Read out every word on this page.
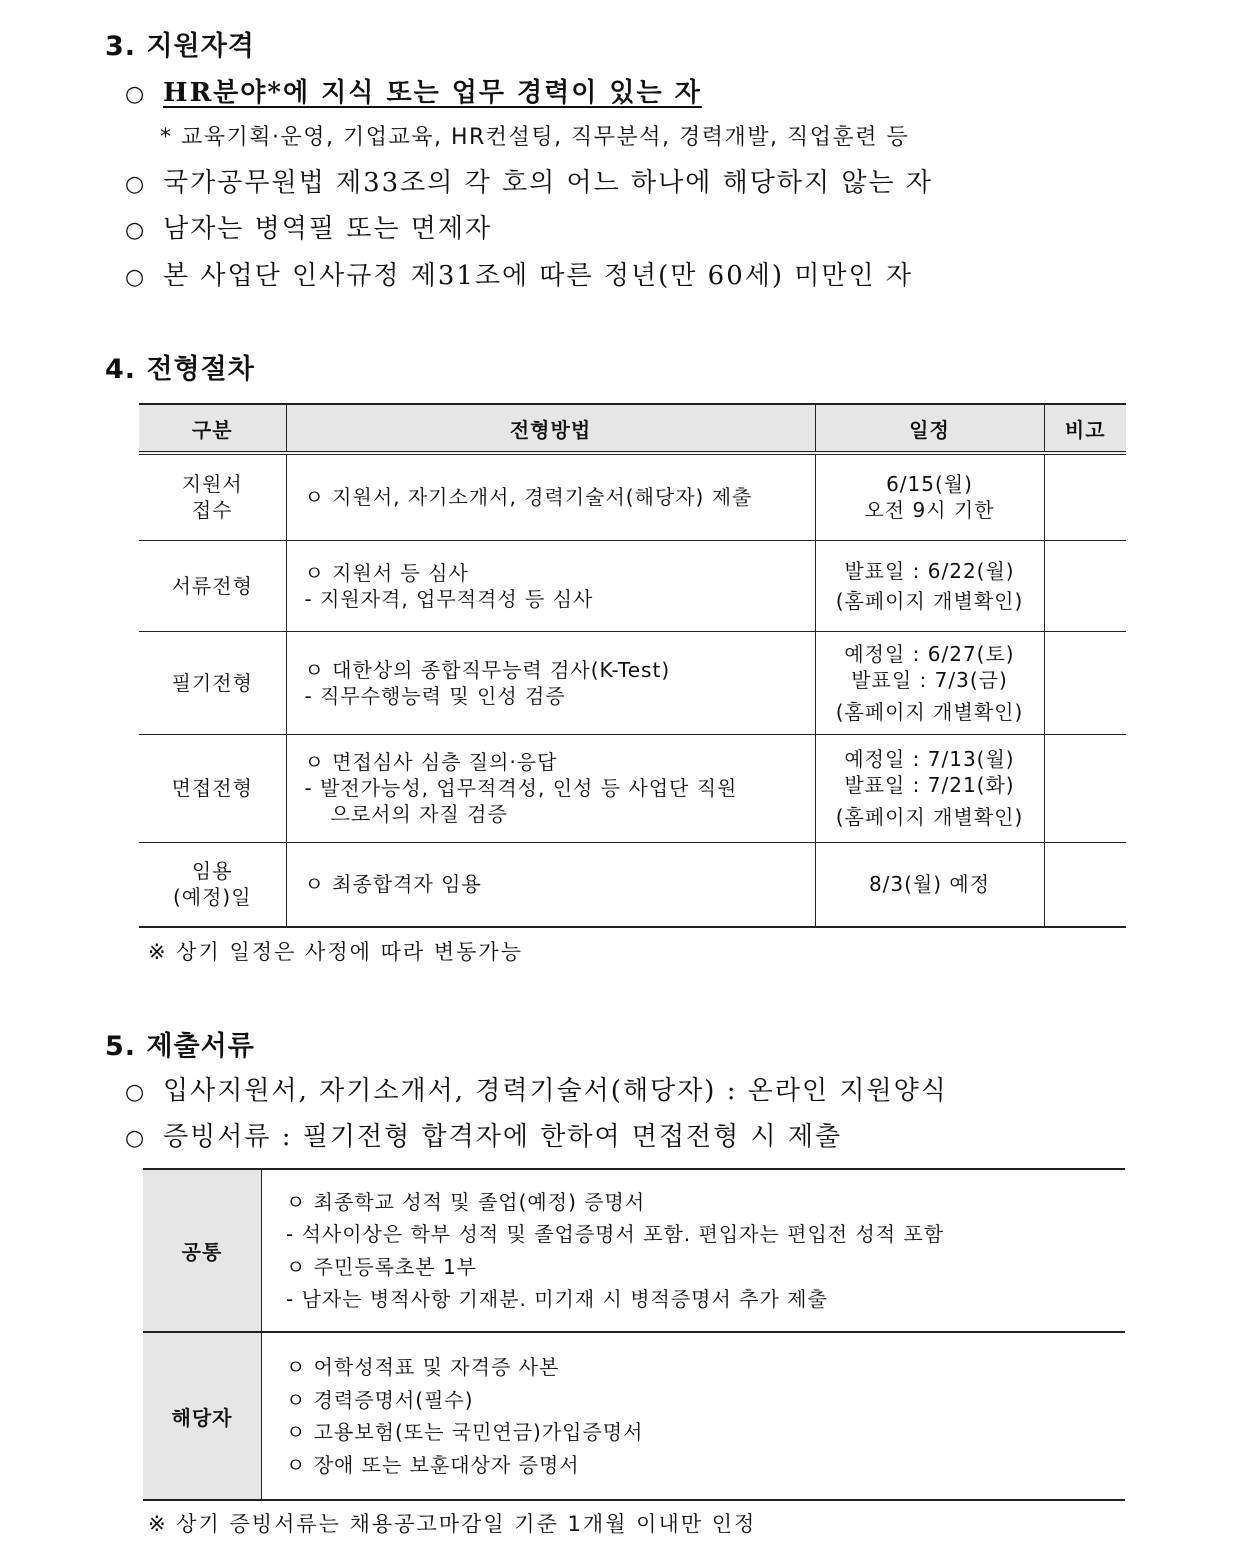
3. 지원자격

○ HR분야*에 지식 또는 업무 경력이 있는 자

* 교육기획·운영, 기업교육, HR컨설팅, 직무분석, 경력개발, 직업훈련 등

○ 국가공무원법 제33조의 각 호의 어느 하나에 해당하지 않는 자

○ 남자는 병역필 또는 면제자

○ 본 사업단 인사규정 제31조에 따른 정년(만 60세) 미만인 자

4. 전형절차
구분	전형방법	일정	비고

지원서
접수	ㅇ 지원서, 자기소개서, 경력기술서(해당자) 제출	6/15(월)
오전 9시 기한	

서류전형	ㅇ 지원서 등 심사
- 지원자격, 업무적격성 등 심사	발표일 : 6/22(월)
(홈페이지 개별확인)	

필기전형	ㅇ 대한상의 종합직무능력 검사(K-Test)
- 직무수행능력 및 인성 검증	예정일 : 6/27(토)
발표일 : 7/3(금)
(홈페이지 개별확인)	

면접전형	ㅇ 면접심사 심층 질의·응답
- 발전가능성, 업무적격성, 인성 등 사업단 직원
으로서의 자질 검증	예정일 : 7/13(월)
발표일 : 7/21(화)
(홈페이지 개별확인)	

임용
(예정)일	ㅇ 최종합격자 임용	8/3(월) 예정	

※ 상기 일정은 사정에 따라 변동가능
5. 제출서류

○ 입사지원서, 자기소개서, 경력기술서(해당자) : 온라인 지원양식

○ 증빙서류 : 필기전형 합격자에 한하여 면접전형 시 제출

공통	ㅇ 최종학교 성적 및 졸업(예정) 증명서
- 석사이상은 학부 성적 및 졸업증명서 포함. 편입자는 편입전 성적 포함
ㅇ 주민등록초본 1부
- 남자는 병적사항 기재분. 미기재 시 병적증명서 추가 제출

해당자	ㅇ 어학성적표 및 자격증 사본
ㅇ 경력증명서(필수)
ㅇ 고용보험(또는 국민연금)가입증명서
ㅇ 장애 또는 보훈대상자 증명서
※ 상기 증빙서류는 채용공고마감일 기준 1개월 이내만 인정
